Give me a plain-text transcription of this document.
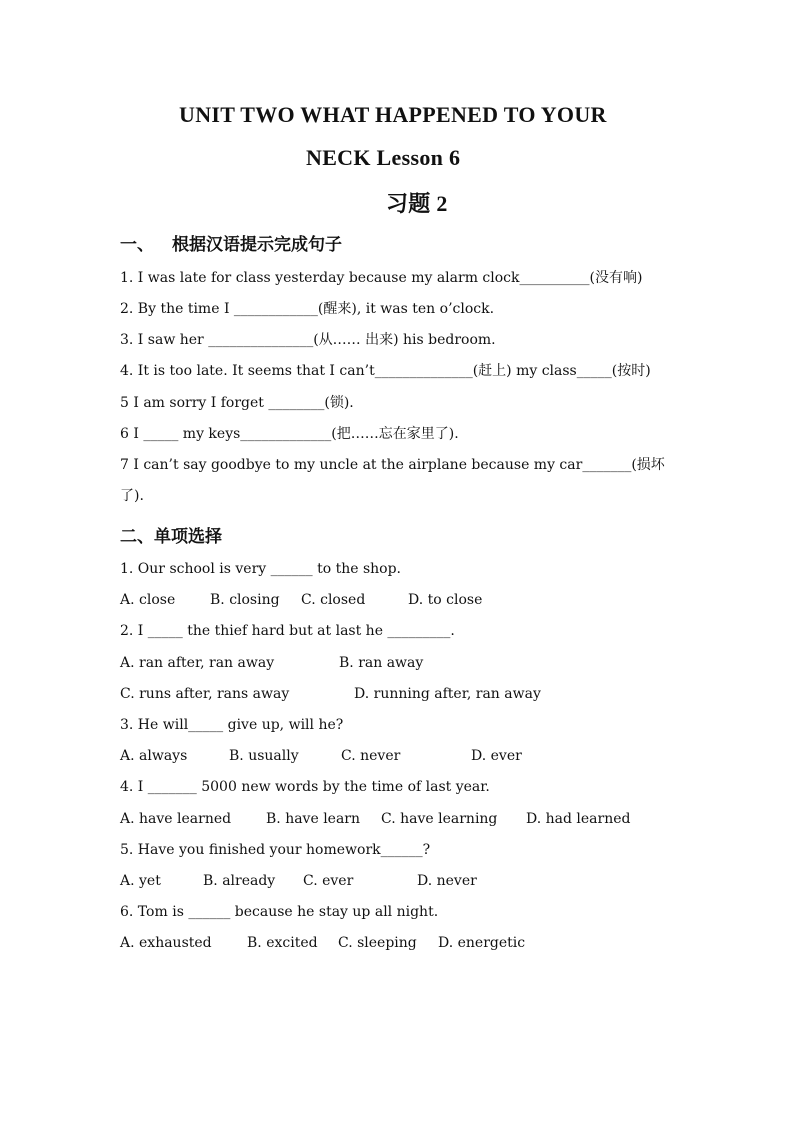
UNIT TWO WHAT HAPPENED TO YOUR
NECK Lesson 6
习题 2
一、 根据汉语提示完成句子
1. I was late for class yesterday because my alarm clock__________(没有响)
2. By the time I ____________(醒来), it was ten o’clock.
3. I saw her _______________(从…… 出来) his bedroom.
4. It is too late. It seems that I can’t______________(赶上) my class_____(按时)
5 I am sorry I forget ________(锁).
6 I _____ my keys_____________(把……忘在家里了).
7 I can’t say goodbye to my uncle at the airplane because my car_______(损坏
了).
二、单项选择
1. Our school is very ______ to the shop.
A. close B. closing C. closed	D. to close
2. I _____ the thief hard but at last he _________.
A. ran after, ran away	B. ran away
C. runs after, rans away	D. running after, ran away
3. He will_____ give up, will he?
A. always	B. usually	C. never	D. ever
4. I _______ 5000 new words by the time of last year.
A. have learned B. have learn C. have learning D. had learned
5. Have you finished your homework______?
A. yet	B. already C. ever	D. never
6. Tom is ______ because he stay up all night.
A. exhausted	B. excited C. sleeping D. energetic
